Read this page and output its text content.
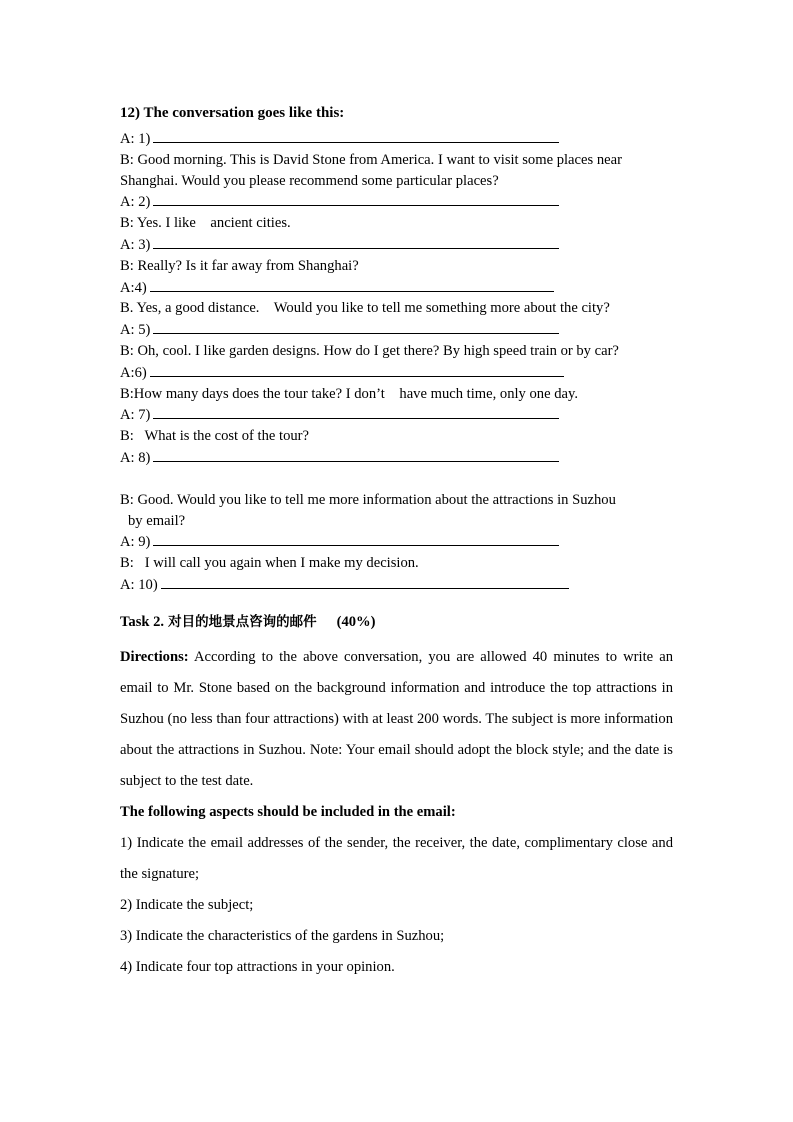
12) The conversation goes like this:
A: 1)
B: Good morning. This is David Stone from America. I want to visit some places near Shanghai. Would you please recommend some particular places?
A: 2)
B: Yes. I like    ancient cities.
A: 3)
B: Really? Is it far away from Shanghai?
A:4)
B. Yes, a good distance.    Would you like to tell me something more about the city?
A: 5)
B: Oh, cool. I like garden designs. How do I get there? By high speed train or by car?
A:6)
B:How many days does the tour take? I don’t    have much time, only one day.
A: 7)
B:   What is the cost of the tour?
A: 8)
B: Good. Would you like to tell me more information about the attractions in Suzhou
by email?
A: 9)
B:   I will call you again when I make my decision.
A: 10)
Task 2. 对目的地景点咨询的邮件 (40%)

Directions: According to the above conversation, you are allowed 40 minutes to write an email to Mr. Stone based on the background information and introduce the top attractions in Suzhou (no less than four attractions) with at least 200 words. The subject is more information about the attractions in Suzhou. Note: Your email should adopt the block style; and the date is subject to the test date.

The following aspects should be included in the email:

1) Indicate the email addresses of the sender, the receiver, the date, complimentary close and the signature;

2) Indicate the subject;

3) Indicate the characteristics of the gardens in Suzhou;

4) Indicate four top attractions in your opinion.
